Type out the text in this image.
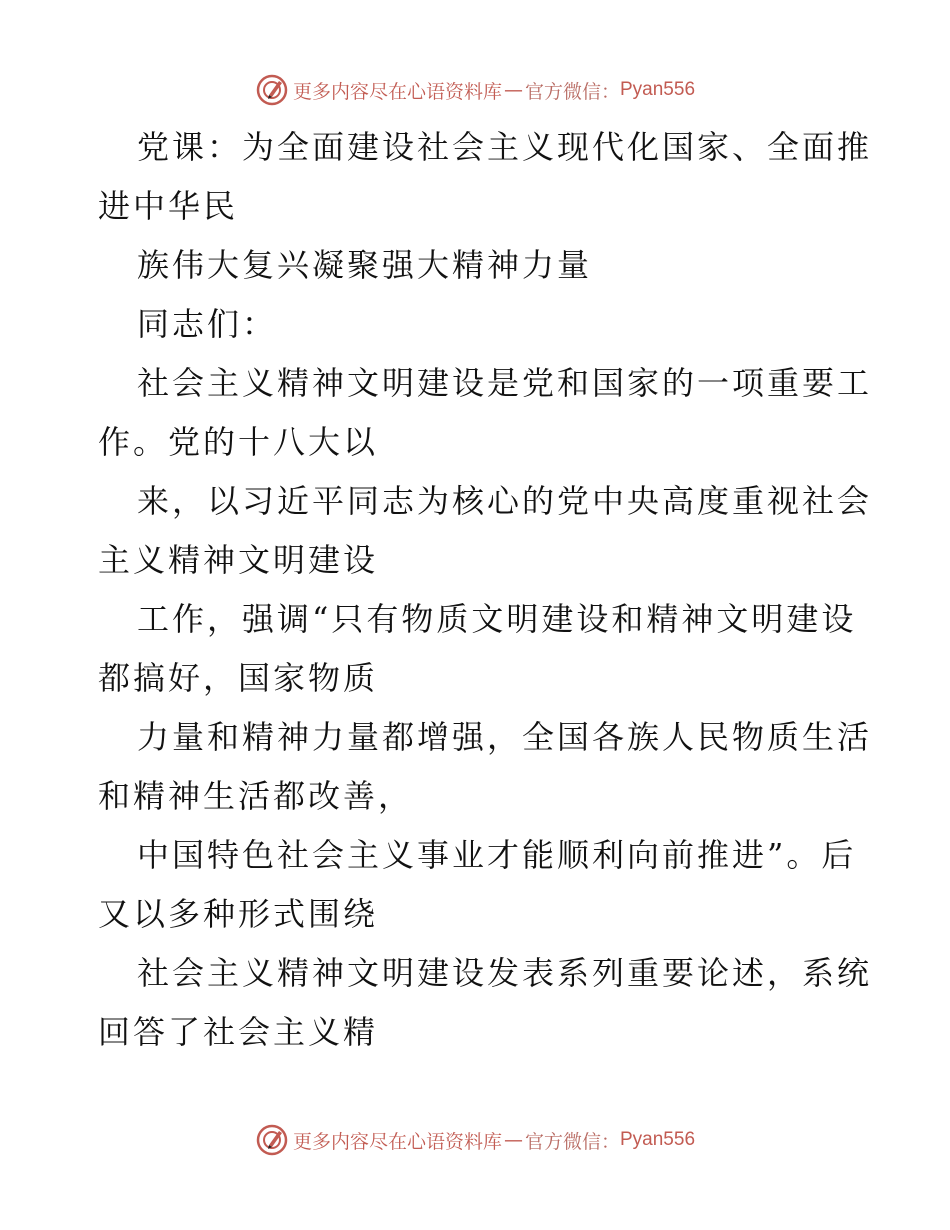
更多内容尽在心语资料库 — 官方微信： Pyan556

党课：为全面建设社会主义现代化国家、全面推
进中华民

族伟大复兴凝聚强大精神力量

同志们：

社会主义精神文明建设是党和国家的一项重要工
作。党的十八大以

来，以习近平同志为核心的党中央高度重视社会
主义精神文明建设

工作，强调“只有物质文明建设和精神文明建设
都搞好，国家物质

力量和精神力量都增强，全国各族人民物质生活
和精神生活都改善，

中国特色社会主义事业才能顺利向前推进”。后
又以多种形式围绕

社会主义精神文明建设发表系列重要论述，系统
回答了社会主义精

更多内容尽在心语资料库 — 官方微信： Pyan556
